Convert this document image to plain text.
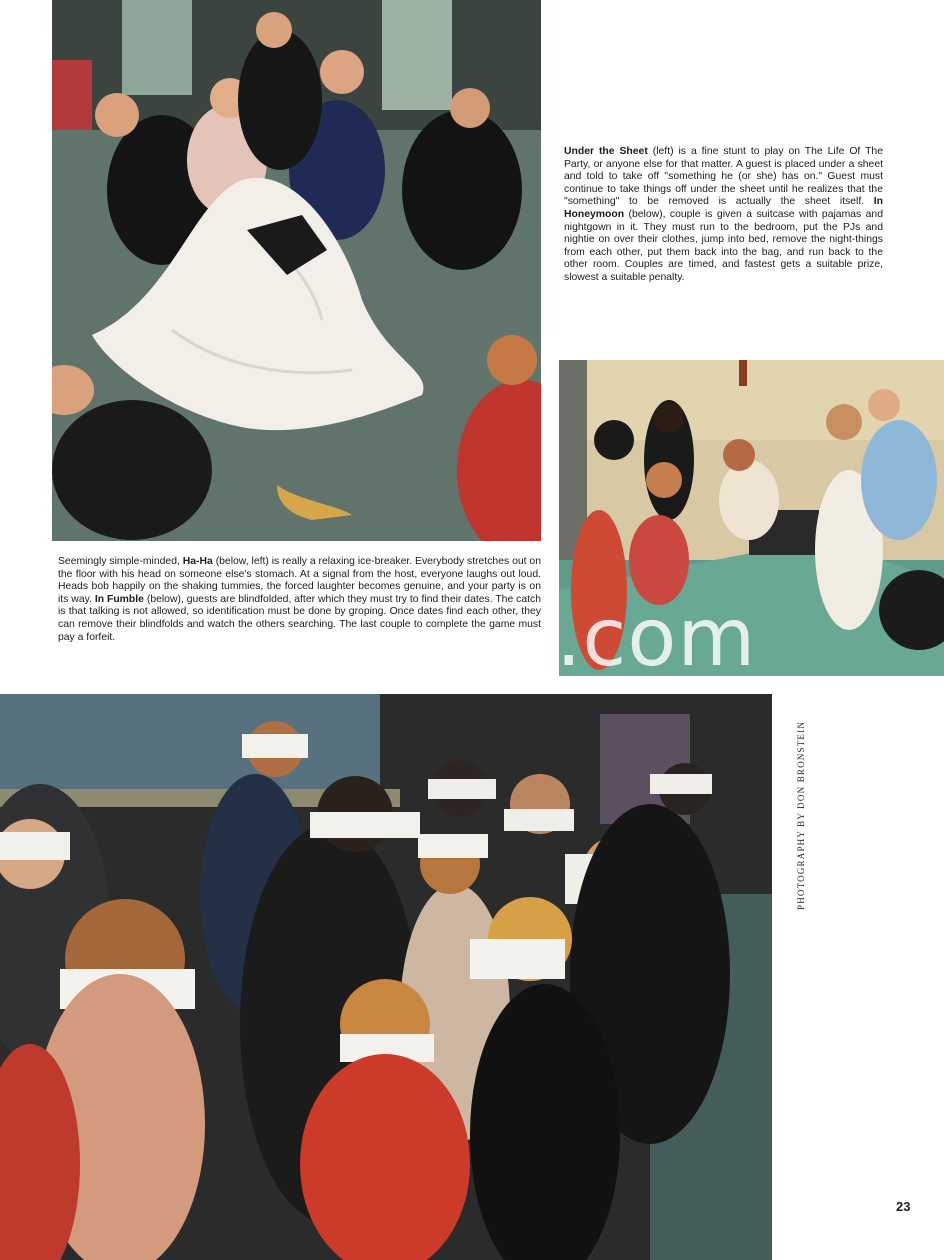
Under the Sheet (left) is a fine stunt to play on The Life Of The Party, or anyone else for that matter. A guest is placed under a sheet and told to take off "something he (or she) has on." Guest must continue to take things off under the sheet until he realizes that the "something" to be removed is actually the sheet itself. In Honeymoon (below), couple is given a suitcase with pajamas and nightgown in it. They must run to the bedroom, put the PJs and nightie on over their clothes, jump into bed, remove the night-things from each other, put them back into the bag, and run back to the other room. Couples are timed, and fastest gets a suitable prize, slowest a suitable penalty.

.com

Seemingly simple-minded, Ha-Ha (below, left) is really a relaxing ice-breaker. Everybody stretches out on the floor with his head on someone else's stomach. At a signal from the host, everyone laughs out loud. Heads bob happily on the shaking tummies, the forced laughter becomes genuine, and your party is on its way. In Fumble (below), guests are blindfolded, after which they must try to find their dates. The catch is that talking is not allowed, so identification must be done by groping. Once dates find each other, they can remove their blindfolds and watch the others searching. The last couple to complete the game must pay a forfeit.

PHOTOGRAPHY BY DON BRONSTEIN
23
